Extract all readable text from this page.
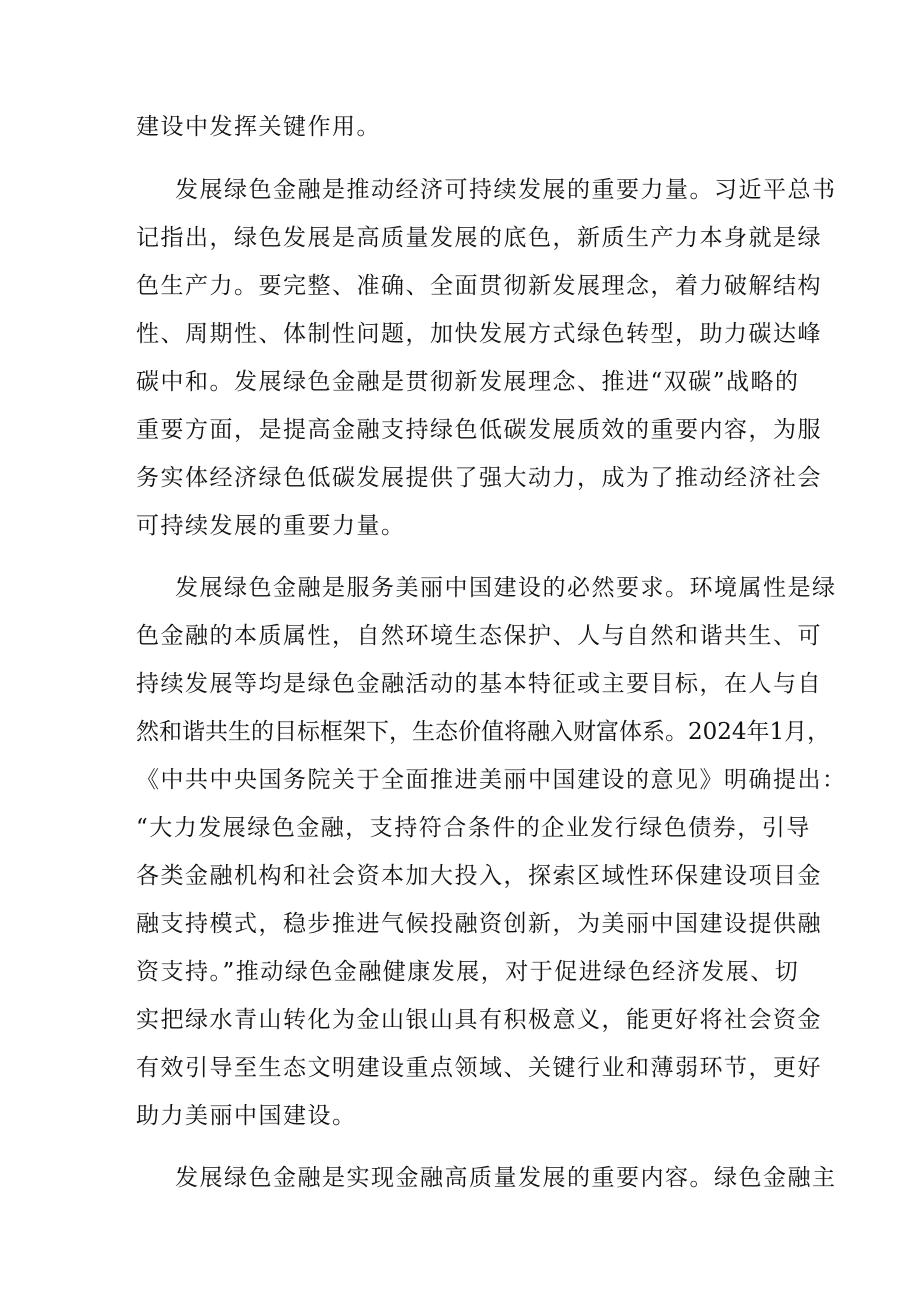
建设中发挥关键作用。

发展绿色金融是推动经济可持续发展的重要力量。习近平总书

记指出，绿色发展是高质量发展的底色，新质生产力本身就是绿

色生产力。要完整、准确、全面贯彻新发展理念，着力破解结构

性、周期性、体制性问题，加快发展方式绿色转型，助力碳达峰

碳中和。发展绿色金融是贯彻新发展理念、推进“双碳”战略的

重要方面，是提高金融支持绿色低碳发展质效的重要内容，为服

务实体经济绿色低碳发展提供了强大动力，成为了推动经济社会

可持续发展的重要力量。

发展绿色金融是服务美丽中国建设的必然要求。环境属性是绿

色金融的本质属性，自然环境生态保护、人与自然和谐共生、可

持续发展等均是绿色金融活动的基本特征或主要目标，在人与自

然和谐共生的目标框架下，生态价值将融入财富体系。2024年1月，

《中共中央国务院关于全面推进美丽中国建设的意见》明确提出：

“大力发展绿色金融，支持符合条件的企业发行绿色债券，引导

各类金融机构和社会资本加大投入，探索区域性环保建设项目金

融支持模式，稳步推进气候投融资创新，为美丽中国建设提供融

资支持。”推动绿色金融健康发展，对于促进绿色经济发展、切

实把绿水青山转化为金山银山具有积极意义，能更好将社会资金

有效引导至生态文明建设重点领域、关键行业和薄弱环节，更好

助力美丽中国建设。

发展绿色金融是实现金融高质量发展的重要内容。绿色金融主
